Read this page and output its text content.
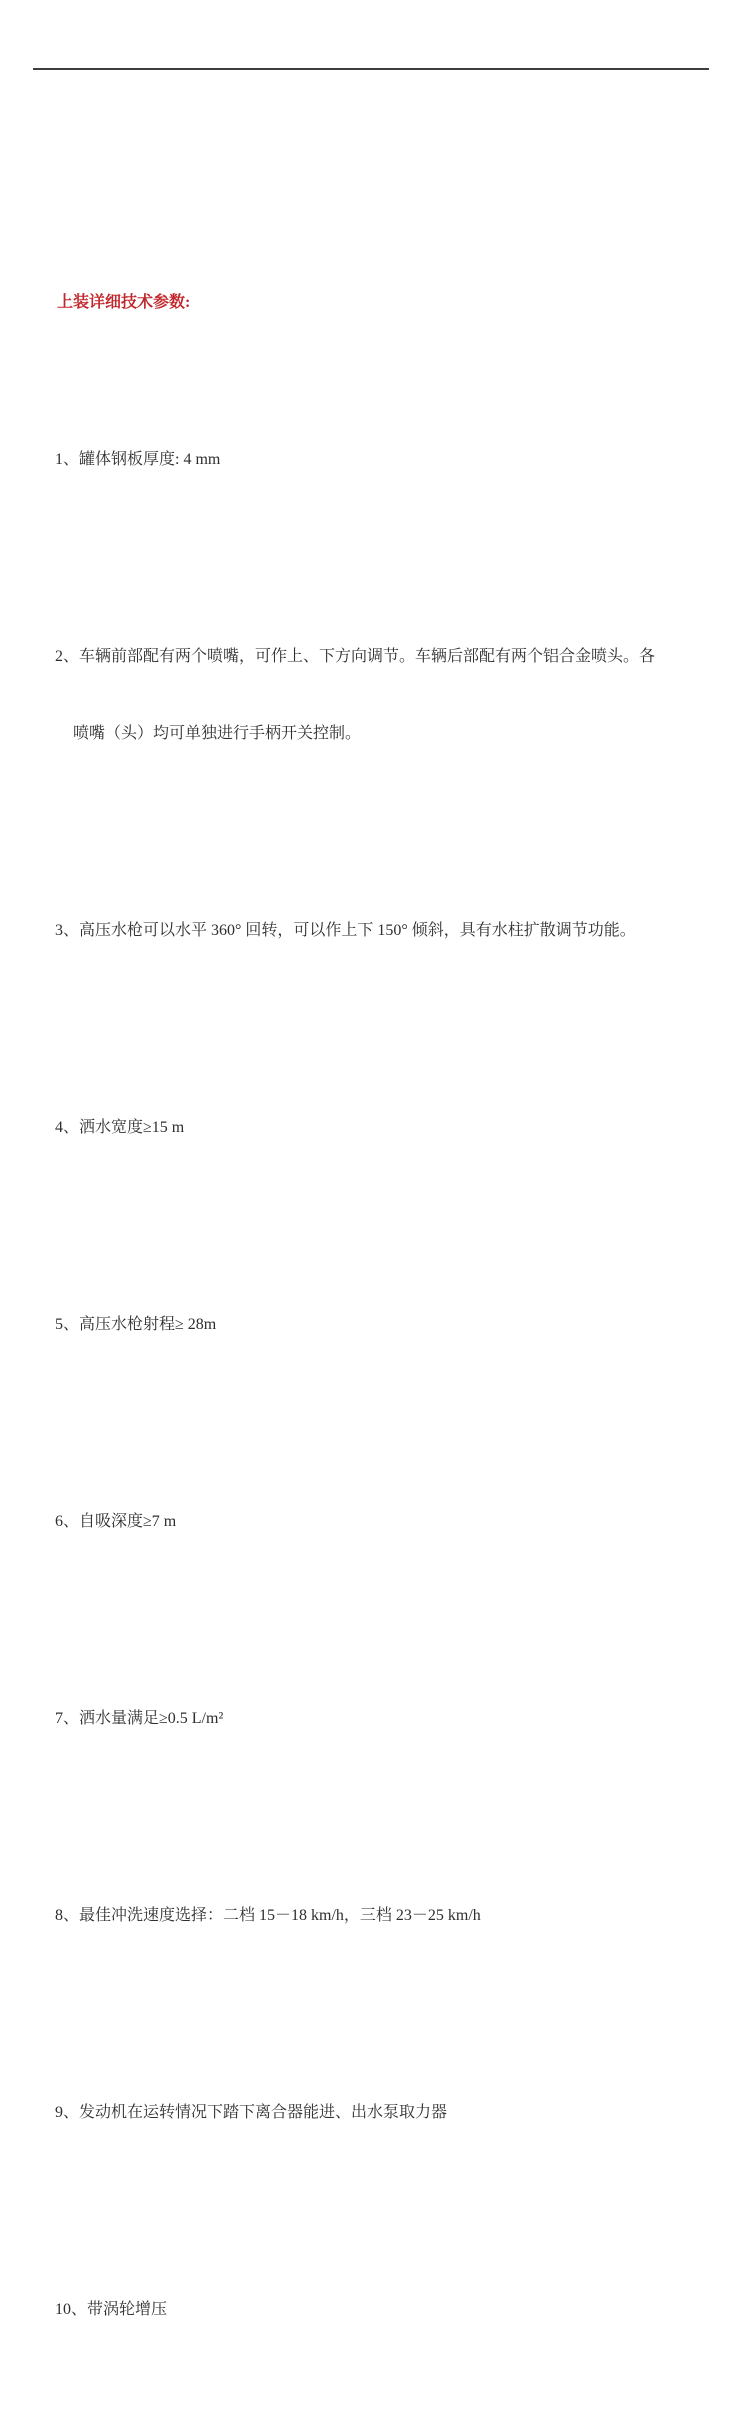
上装详细技术参数:

1、罐体钢板厚度: 4 mm

2、车辆前部配有两个喷嘴，可作上、下方向调节。车辆后部配有两个铝合金喷头。各

喷嘴（头）均可单独进行手柄开关控制。

3、高压水枪可以水平 360° 回转，可以作上下 150° 倾斜，具有水柱扩散调节功能。

4、洒水宽度≥15 m

5、高压水枪射程≥ 28m

6、自吸深度≥7 m

7、洒水量满足≥0.5 L/m²

8、最佳冲洗速度选择：二档 15－18 km/h，三档 23－25 km/h

9、发动机在运转情况下踏下离合器能进、出水泵取力器

10、带涡轮增压
